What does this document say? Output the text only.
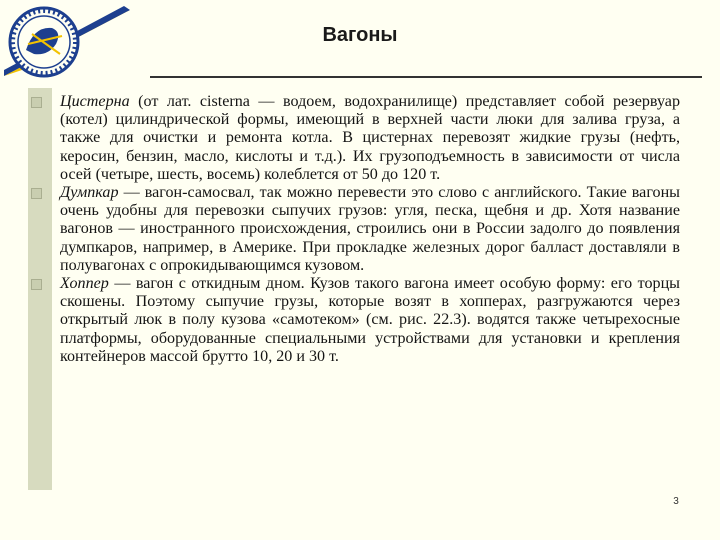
Вагоны

Цистерна (от лат. cisterna — водоем, водохранилище) представляет собой резервуар (котел) цилиндрической формы, имеющий в верхней части люки для залива груза, а также для очистки и ремонта котла. В цистернах перевозят жидкие грузы (нефть, керосин, бензин, масло, кислоты и т.д.). Их грузоподъемность в зависимости от числа осей (четыре, шесть, восемь) колеблется от 50 до 120 т.

Думпкар — вагон-самосвал, так можно перевести это слово с английского. Такие вагоны очень удобны для перевозки сыпучих грузов: угля, песка, щебня и др. Хотя название вагонов — иностранного происхождения, строились они в России задолго до появления думпкаров, например, в Америке. При прокладке железных дорог балласт доставляли в полувагонах с опрокидывающимся кузовом.

Хоппер — вагон с откидным дном. Кузов такого вагона имеет особую форму: его торцы скошены. Поэтому сыпучие грузы, которые возят в хопперах, разгружаются через открытый люк в полу кузова «самотеком» (см. рис. 22.3). водятся также четырехосные платформы, оборудованные специальными устройствами для установки и крепления контейнеров массой брутто 10, 20 и 30 т.

3
